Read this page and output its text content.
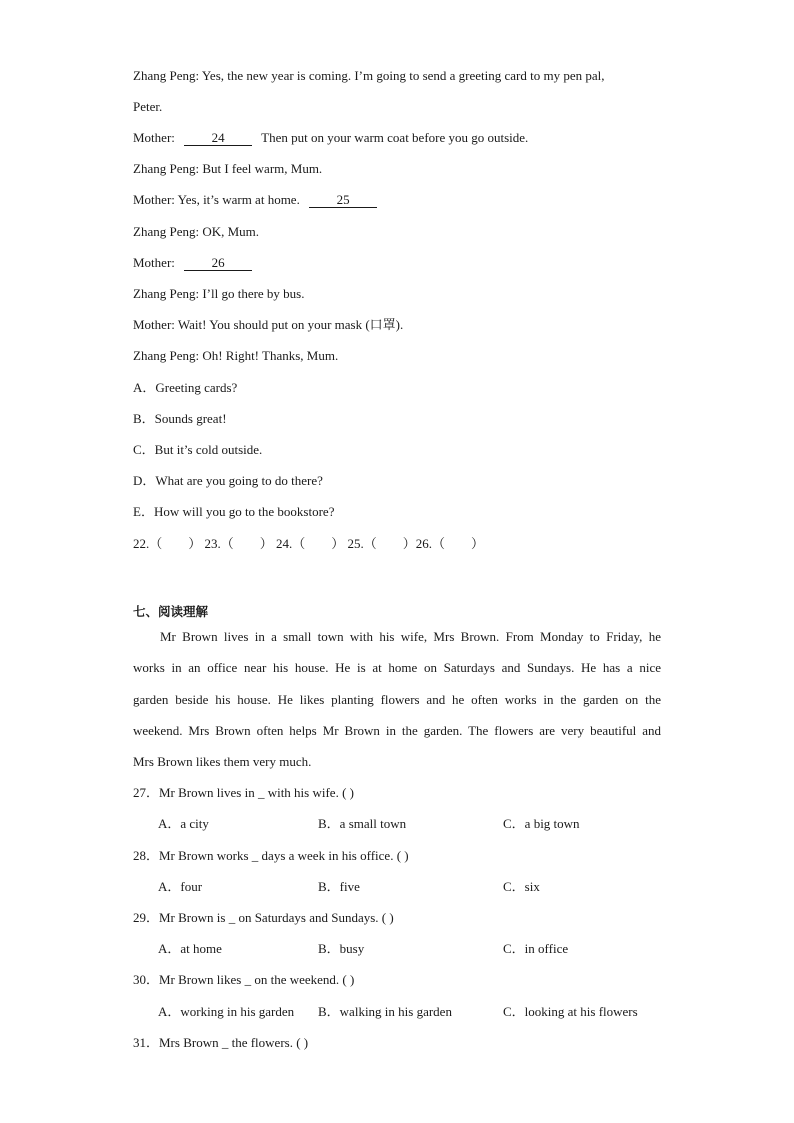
Zhang Peng: Yes, the new year is coming. I’m going to send a greeting card to my pen pal,
Peter.
Mother:	24	Then put on your warm coat before you go outside.
Zhang Peng: But I feel warm, Mum.
Mother: Yes, it’s warm at home.	25
Zhang Peng: OK, Mum.
Mother:	26
Zhang Peng: I’ll go there by bus.
Mother: Wait! You should put on your mask (口罩).
Zhang Peng: Oh! Right! Thanks, Mum.
A．Greeting cards?
B．Sounds great!
C．But it’s cold outside.
D．What are you going to do there?
E．How will you go to the bookstore?
22.（　　） 23.（　　） 24.（　　） 25.（　　）26.（　　）
七、阅读理解
Mr Brown lives in a small town with his wife, Mrs Brown. From Monday to Friday, he
works in an office near his house. He is at home on Saturdays and Sundays. He has a nice
garden beside his house. He likes planting flowers and he often works in the garden on the
weekend. Mrs Brown often helps Mr Brown in the garden. The flowers are very beautiful and
Mrs Brown likes them very much.
27．Mr Brown lives in _ with his wife. ( )
A．a city	B．a small town	C．a big town
28．Mr Brown works _ days a week in his office. ( )
A．four	B．five	C．six
29．Mr Brown is _ on Saturdays and Sundays. ( )
A．at home	B．busy	C．in office
30．Mr Brown likes _ on the weekend. ( )
A．working in his garden B．walking in his garden	C．looking at his flowers
31．Mrs Brown _ the flowers. ( )
